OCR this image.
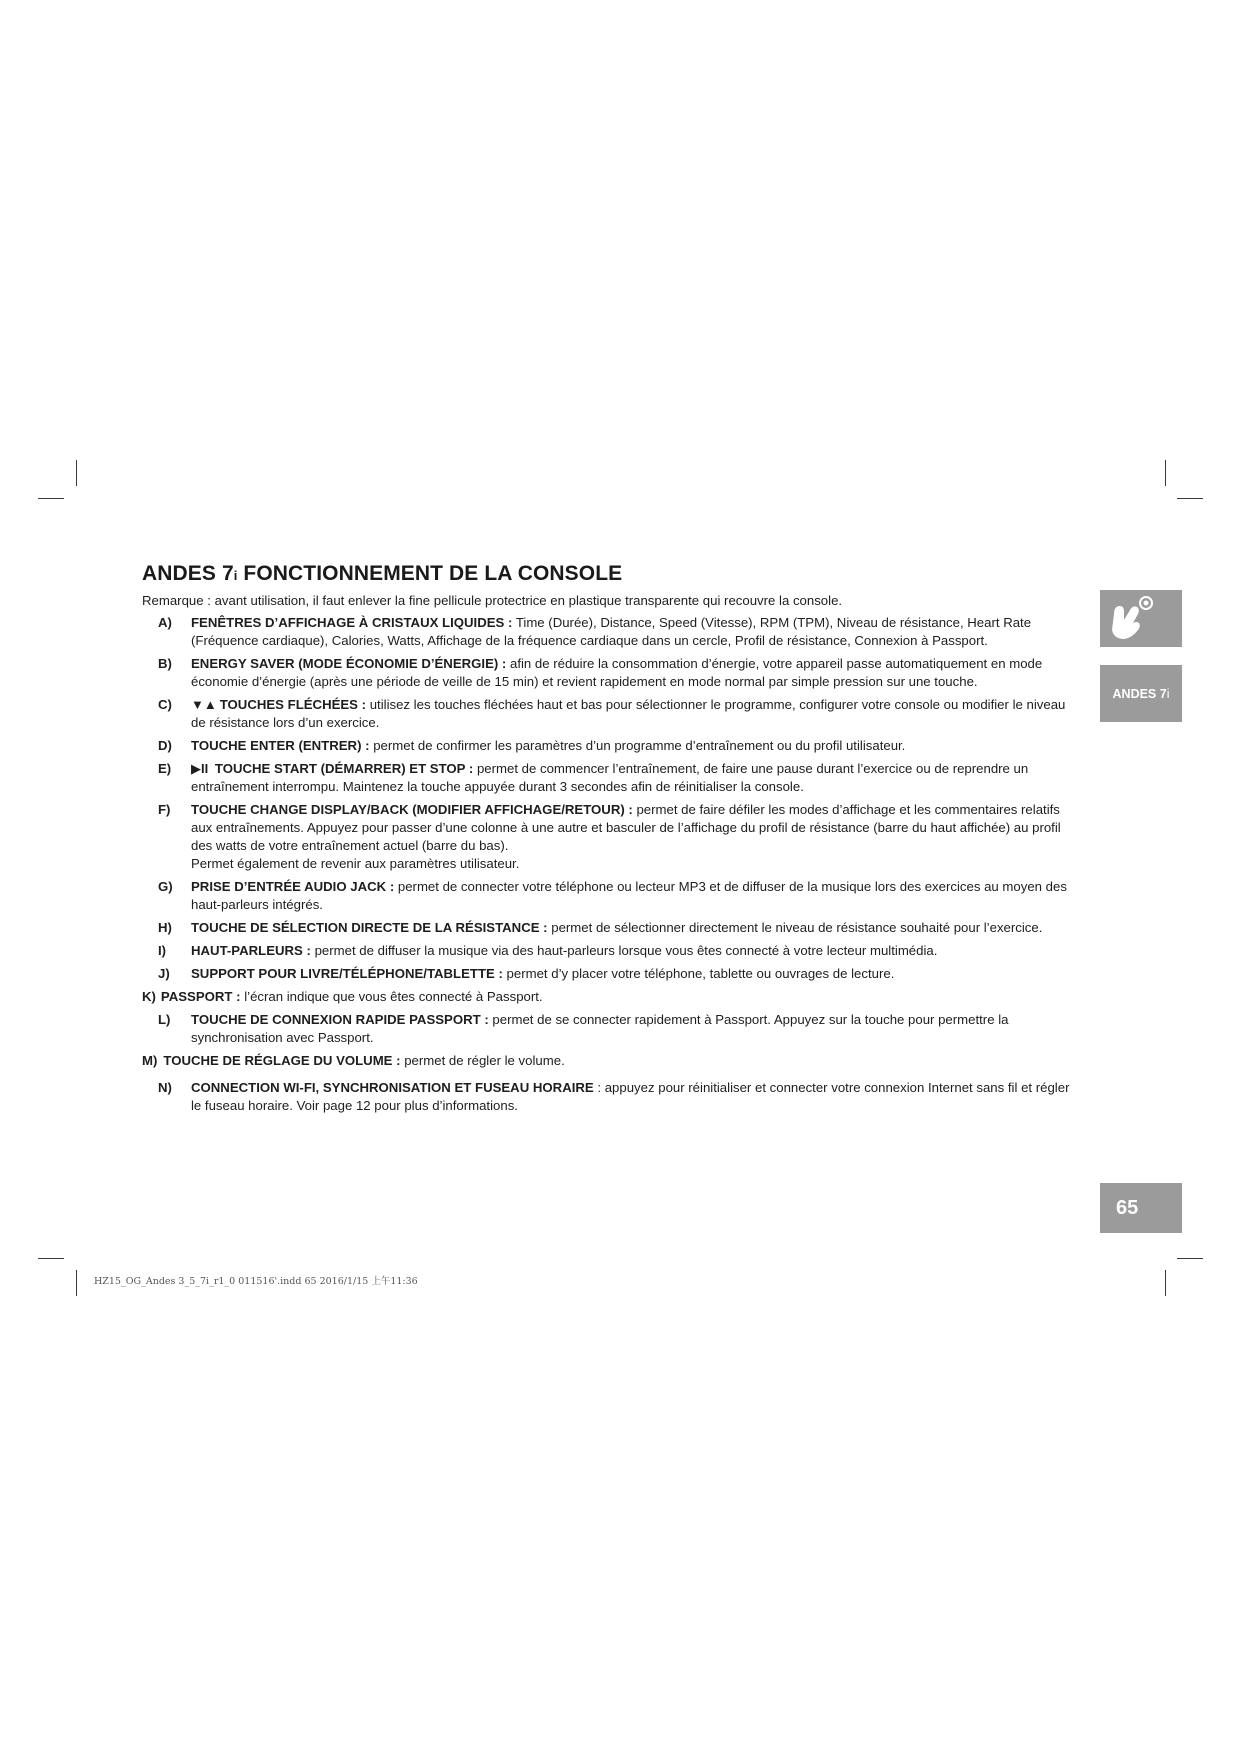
ANDES 7i FONCTIONNEMENT DE LA CONSOLE

Remarque : avant utilisation, il faut enlever la fine pellicule protectrice en plastique transparente qui recouvre la console.

A) FENÊTRES D’AFFICHAGE À CRISTAUX LIQUIDES : Time (Durée), Distance, Speed (Vitesse), RPM (TPM), Niveau de résistance, Heart Rate (Fréquence cardiaque), Calories, Watts, Affichage de la fréquence cardiaque dans un cercle, Profil de résistance, Connexion à Passport.
B) ENERGY SAVER (MODE ÉCONOMIE D’ÉNERGIE) : afin de réduire la consommation d’énergie, votre appareil passe automatiquement en mode économie d’énergie (après une période de veille de 15 min) et revient rapidement en mode normal par simple pression sur une touche.
C) ▼▲ TOUCHES FLÉCHÉES : utilisez les touches fléchées haut et bas pour sélectionner le programme, configurer votre console ou modifier le niveau de résistance lors d’un exercice.
D) TOUCHE ENTER (ENTRER) : permet de confirmer les paramètres d’un programme d’entraînement ou du profil utilisateur.
E) ▶II TOUCHE START (DÉMARRER) ET STOP : permet de commencer l’entraînement, de faire une pause durant l’exercice ou de reprendre un entraînement interrompu. Maintenez la touche appuyée durant 3 secondes afin de réinitialiser la console.
F) TOUCHE CHANGE DISPLAY/BACK (MODIFIER AFFICHAGE/RETOUR) : permet de faire défiler les modes d’affichage et les commentaires relatifs aux entraînements. Appuyez pour passer d’une colonne à une autre et basculer de l’affichage du profil de résistance (barre du haut affichée) au profil des watts de votre entraînement actuel (barre du bas).
Permet également de revenir aux paramètres utilisateur.
G) PRISE D’ENTRÉE AUDIO JACK : permet de connecter votre téléphone ou lecteur MP3 et de diffuser de la musique lors des exercices au moyen des haut-parleurs intégrés.
H) TOUCHE DE SÉLECTION DIRECTE DE LA RÉSISTANCE : permet de sélectionner directement le niveau de résistance souhaité pour l’exercice.
I) HAUT-PARLEURS : permet de diffuser la musique via des haut-parleurs lorsque vous êtes connecté à votre lecteur multimédia.
J) SUPPORT POUR LIVRE/TÉLÉPHONE/TABLETTE : permet d’y placer votre téléphone, tablette ou ouvrages de lecture.
K) PASSPORT : l’écran indique que vous êtes connecté à Passport.
L) TOUCHE DE CONNEXION RAPIDE PASSPORT : permet de se connecter rapidement à Passport. Appuyez sur la touche pour permettre la synchronisation avec Passport.
M) TOUCHE DE RÉGLAGE DU VOLUME : permet de régler le volume.
N) CONNECTION WI-FI, SYNCHRONISATION ET FUSEAU HORAIRE : appuyez pour réinitialiser et connecter votre connexion Internet sans fil et régler le fuseau horaire. Voir page 12 pour plus d’informations.
ANDES 7 i
65
HZ15_OG_Andes 3_5_7i_r1_0 011516'.indd 65 2016/1/15 上午11:36
